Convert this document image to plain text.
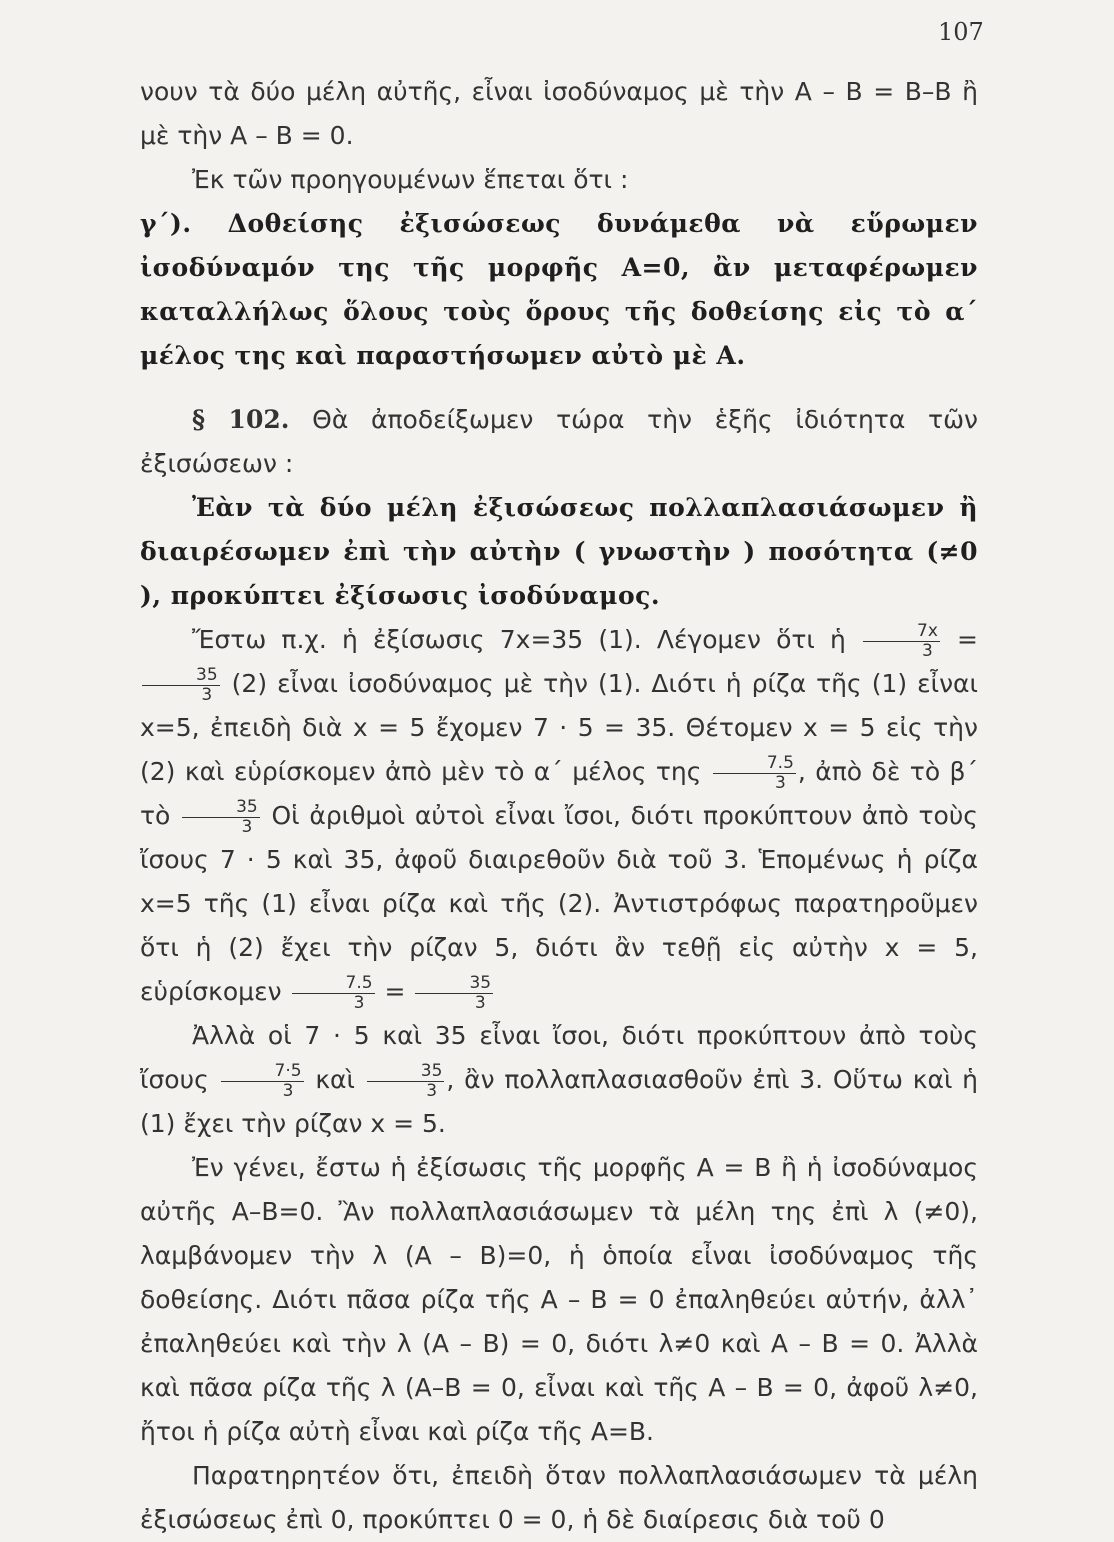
107

νουν τὰ δύο μέλη αὐτῆς, εἶναι ἰσοδύναμος μὲ τὴν Α – Β = Β–Β ἢ μὲ τὴν Α – Β = 0.

Ἐκ τῶν προηγουμένων ἕπεται ὅτι :

γ΄). Δοθείσης ἐξισώσεως δυνάμεθα νὰ εὕρωμεν ἰσοδύναμόν της τῆς μορφῆς Α=0, ἂν μεταφέρωμεν καταλλήλως ὅλους τοὺς ὅρους τῆς δοθείσης εἰς τὸ α΄ μέλος της καὶ παραστήσωμεν αὐτὸ μὲ Α.

§ 102. Θὰ ἀποδείξωμεν τώρα τὴν ἑξῆς ἰδιότητα τῶν ἐξισώσεων :

Ἐὰν τὰ δύο μέλη ἐξισώσεως πολλαπλασιάσωμεν ἢ διαιρέσωμεν ἐπὶ τὴν αὐτὴν ( γνωστὴν ) ποσότητα (≠0 ), προκύπτει ἐξίσωσις ἰσοδύναμος.

Ἔστω π.χ. ἡ ἐξίσωσις 7x=35 (1). Λέγομεν ὅτι ἡ $\frac{7x}{3}$ =
$\frac{35}{3} (2)$ εἶναι ἰσοδύναμος μὲ τὴν (1). Διότι ἡ ρίζα τῆς (1) εἶναι x=5, ἐπειδὴ διὰ x = 5 ἔχομεν 7 · 5 = 35. Θέτομεν x = 5 εἰς τὴν (2) καὶ εὑρίσκομεν ἀπὸ μὲν τὸ α΄ μέλος της $\frac{7.5}{3}$ , ἀπὸ δὲ τὸ β΄ τὸ $\frac{35}{3}$ Οἱ ἀριθμοὶ αὐτοὶ εἶναι ἴσοι, διότι προκύπτουν ἀπὸ τοὺς ἴσους 7 · 5 καὶ 35, ἀφοῦ διαιρεθοῦν διὰ τοῦ 3. Ἑπομένως ἡ ρίζα x=5 τῆς (1) εἶναι ρίζα καὶ τῆς (2). Ἀντιστρόφως παρατηροῦμεν ὅτι ἡ (2) ἔχει τὴν ρίζαν 5, διότι ἂν τεθῇ εἰς αὐτὴν x = 5, εὑρίσκομεν $\frac{7.5}{3} = \frac{35}{3}$

Ἀλλὰ οἱ 7 · 5 καὶ 35 εἶναι ἴσοι, διότι προκύπτουν ἀπὸ τοὺς ἴσους $\frac{7\cdot 5}{3}$ καὶ $\frac{35}{3}$ , ἂν πολλαπλασιασθοῦν ἐπὶ 3. Οὕτω καὶ ἡ (1) ἔχει τὴν ρίζαν x = 5.

Ἐν γένει, ἔστω ἡ ἐξίσωσις τῆς μορφῆς Α = Β ἢ ἡ ἰσοδύναμος αὐτῆς Α–Β=0. Ἂν πολλαπλασιάσωμεν τὰ μέλη της ἐπὶ λ (≠0), λαμβάνομεν τὴν λ (Α – Β)=0, ἡ ὁποία εἶναι ἰσοδύναμος τῆς δοθείσης. Διότι πᾶσα ρίζα τῆς Α – Β = 0 ἐπαληθεύει αὐτήν, ἀλλ᾽ ἐπαληθεύει καὶ τὴν λ (Α – Β) = 0, διότι λ≠0 καὶ Α – Β = 0. Ἀλλὰ καὶ πᾶσα ρίζα τῆς λ (Α–Β = 0, εἶναι καὶ τῆς Α – Β = 0, ἀφοῦ λ≠0, ἤτοι ἡ ρίζα αὐτὴ εἶναι καὶ ρίζα τῆς Α=Β.

Παρατηρητέον ὅτι, ἐπειδὴ ὅταν πολλαπλασιάσωμεν τὰ μέλη ἐξισώσεως ἐπὶ 0, προκύπτει 0 = 0, ἡ δὲ διαίρεσις διὰ τοῦ 0
